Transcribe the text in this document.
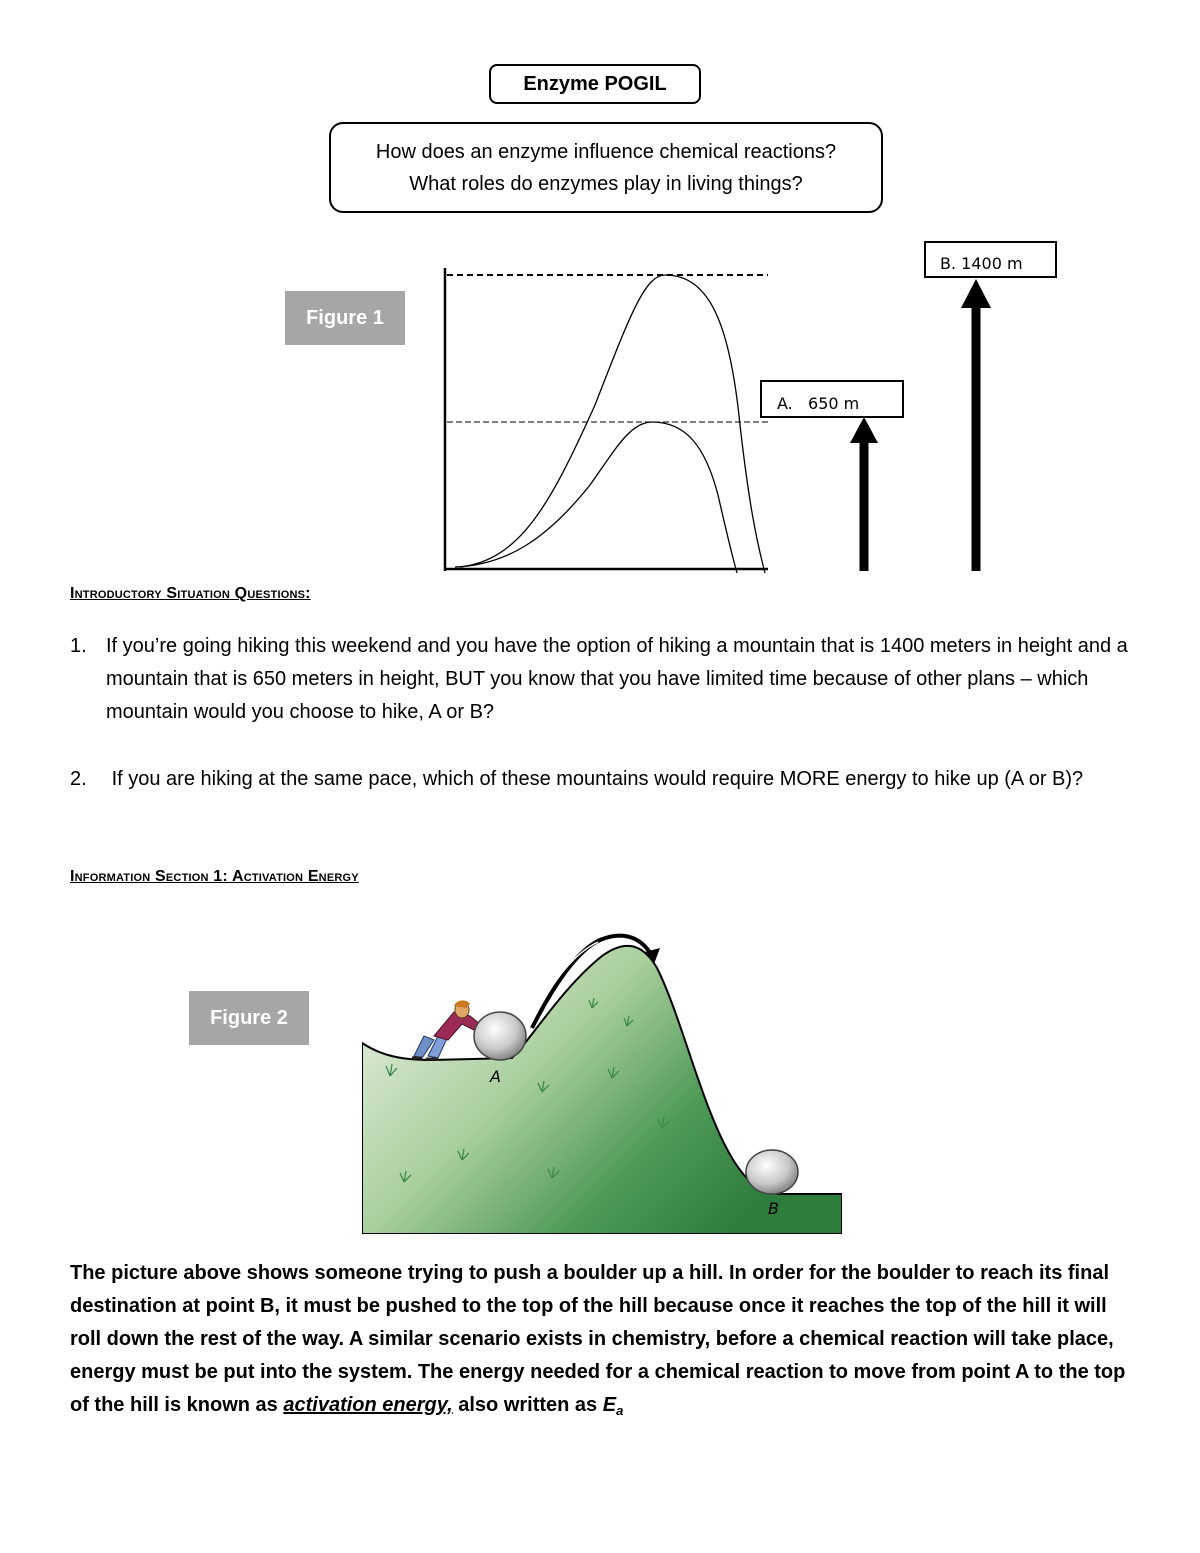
Enzyme POGIL
How does an enzyme influence chemical reactions?
What roles do enzymes play in living things?
Figure 1
A.   650 m
B. 1400 m
Introductory Situation Questions:
1. If you’re going hiking this weekend and you have the option of hiking a mountain that is 1400 meters in height and a mountain that is 650 meters in height, BUT you know that you have limited time because of other plans – which mountain would you choose to hike, A or B?
2. If you are hiking at the same pace, which of these mountains would require MORE energy to hike up (A or B)?
Information Section 1: Activation Energy
Figure 2
A
B
The picture above shows someone trying to push a boulder up a hill. In order for the boulder to reach its final destination at point B, it must be pushed to the top of the hill because once it reaches the top of the hill it will roll down the rest of the way. A similar scenario exists in chemistry, before a chemical reaction will take place, energy must be put into the system. The energy needed for a chemical reaction to move from point A to the top of the hill is known as activation energy, also written as $E_a$
